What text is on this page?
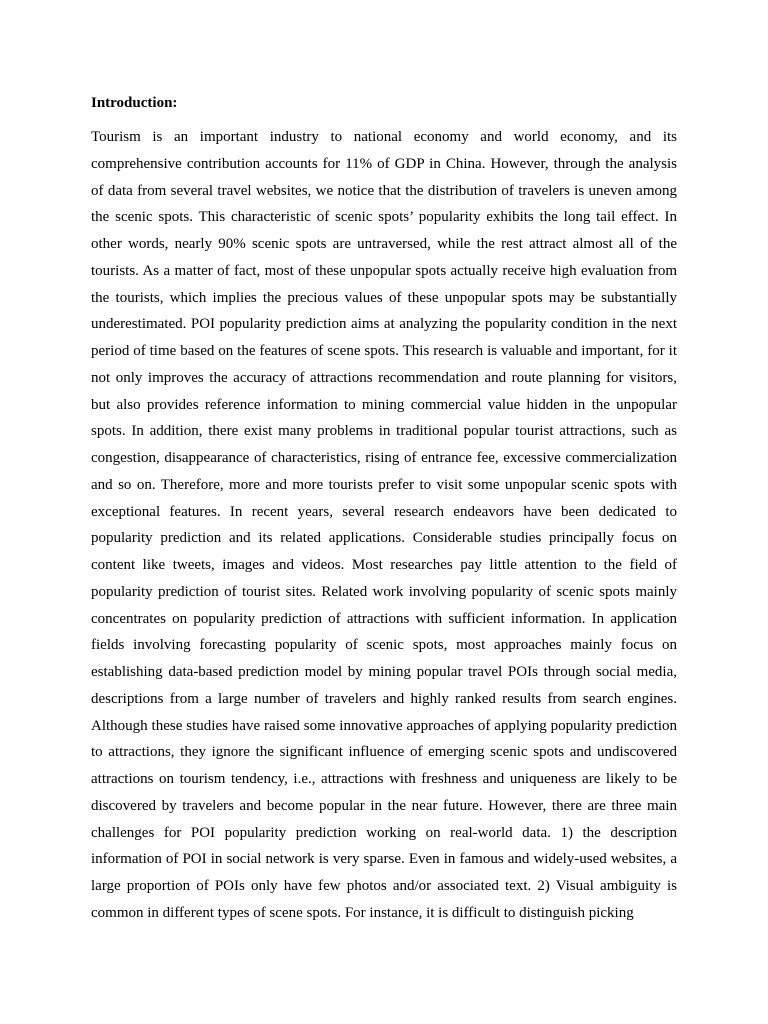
Introduction:

Tourism is an important industry to national economy and world economy, and its comprehensive contribution accounts for 11% of GDP in China. However, through the analysis of data from several travel websites, we notice that the distribution of travelers is uneven among the scenic spots. This characteristic of scenic spots’ popularity exhibits the long tail effect. In other words, nearly 90% scenic spots are untraversed, while the rest attract almost all of the tourists. As a matter of fact, most of these unpopular spots actually receive high evaluation from the tourists, which implies the precious values of these unpopular spots may be substantially underestimated. POI popularity prediction aims at analyzing the popularity condition in the next period of time based on the features of scene spots. This research is valuable and important, for it not only improves the accuracy of attractions recommendation and route planning for visitors, but also provides reference information to mining commercial value hidden in the unpopular spots. In addition, there exist many problems in traditional popular tourist attractions, such as congestion, disappearance of characteristics, rising of entrance fee, excessive commercialization and so on. Therefore, more and more tourists prefer to visit some unpopular scenic spots with exceptional features. In recent years, several research endeavors have been dedicated to popularity prediction and its related applications. Considerable studies principally focus on content like tweets, images and videos. Most researches pay little attention to the field of popularity prediction of tourist sites. Related work involving popularity of scenic spots mainly concentrates on popularity prediction of attractions with sufficient information. In application fields involving forecasting popularity of scenic spots, most approaches mainly focus on establishing data-based prediction model by mining popular travel POIs through social media, descriptions from a large number of travelers and highly ranked results from search engines. Although these studies have raised some innovative approaches of applying popularity prediction to attractions, they ignore the significant influence of emerging scenic spots and undiscovered attractions on tourism tendency, i.e., attractions with freshness and uniqueness are likely to be discovered by travelers and become popular in the near future. However, there are three main challenges for POI popularity prediction working on real-world data. 1) the description information of POI in social network is very sparse. Even in famous and widely-used websites, a large proportion of POIs only have few photos and/or associated text. 2) Visual ambiguity is common in different types of scene spots. For instance, it is difficult to distinguish picking
